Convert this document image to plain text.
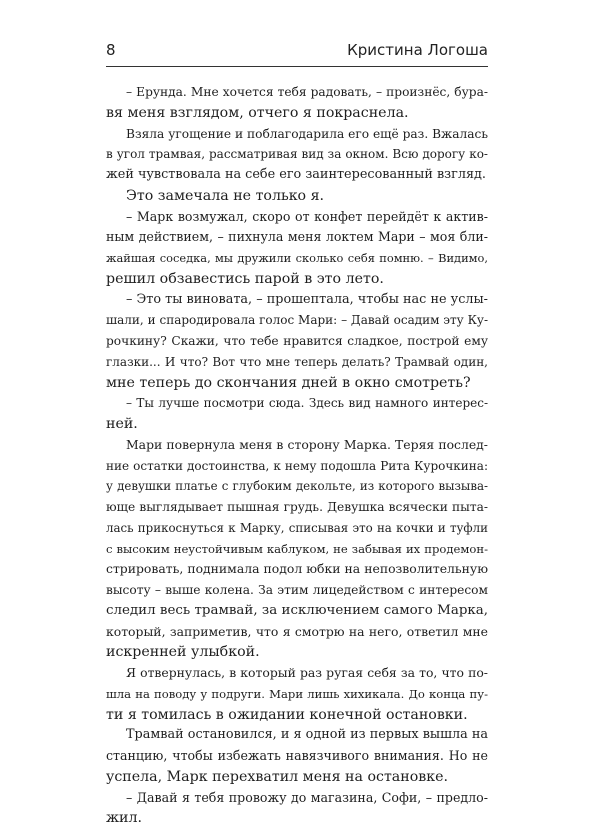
8	Кристина Логоша
– Ерунда. Мне хочется тебя радовать, – произнёс, бура-
вя меня взглядом, отчего я покраснела.
Взяла угощение и поблагодарила его ещё раз. Вжалась
в угол трамвая, рассматривая вид за окном. Всю дорогу ко-
жей чувствовала на себе его заинтересованный взгляд.
Это замечала не только я.
– Марк возмужал, скоро от конфет перейдёт к актив-
ным действием, – пихнула меня локтем Мари – моя бли-
жайшая соседка, мы дружили сколько себя помню. – Видимо,
решил обзавестись парой в это лето.
– Это ты виновата, – прошептала, чтобы нас не услы-
шали, и спародировала голос Мари: – Давай осадим эту Ку-
рочкину? Скажи, что тебе нравится сладкое, построй ему
глазки... И что? Вот что мне теперь делать? Трамвай один,
мне теперь до скончания дней в окно смотреть?
– Ты лучше посмотри сюда. Здесь вид намного интерес-
ней.
Мари повернула меня в сторону Марка. Теряя послед-
ние остатки достоинства, к нему подошла Рита Курочкина:
у девушки платье с глубоким декольте, из которого вызыва-
юще выглядывает пышная грудь. Девушка всячески пыта-
лась прикоснуться к Марку, списывая это на кочки и туфли
с высоким неустойчивым каблуком, не забывая их продемон-
стрировать, поднимала подол юбки на непозволительную
высоту – выше колена. За этим лицедейством с интересом
следил весь трамвай, за исключением самого Марка,
который, заприметив, что я смотрю на него, ответил мне
искренней улыбкой.
Я отвернулась, в который раз ругая себя за то, что по-
шла на поводу у подруги. Мари лишь хихикала. До конца пу-
ти я томилась в ожидании конечной остановки.
Трамвай остановился, и я одной из первых вышла на
станцию, чтобы избежать навязчивого внимания. Но не
успела, Марк перехватил меня на остановке.
– Давай я тебя провожу до магазина, Софи, – предло-
жил.
